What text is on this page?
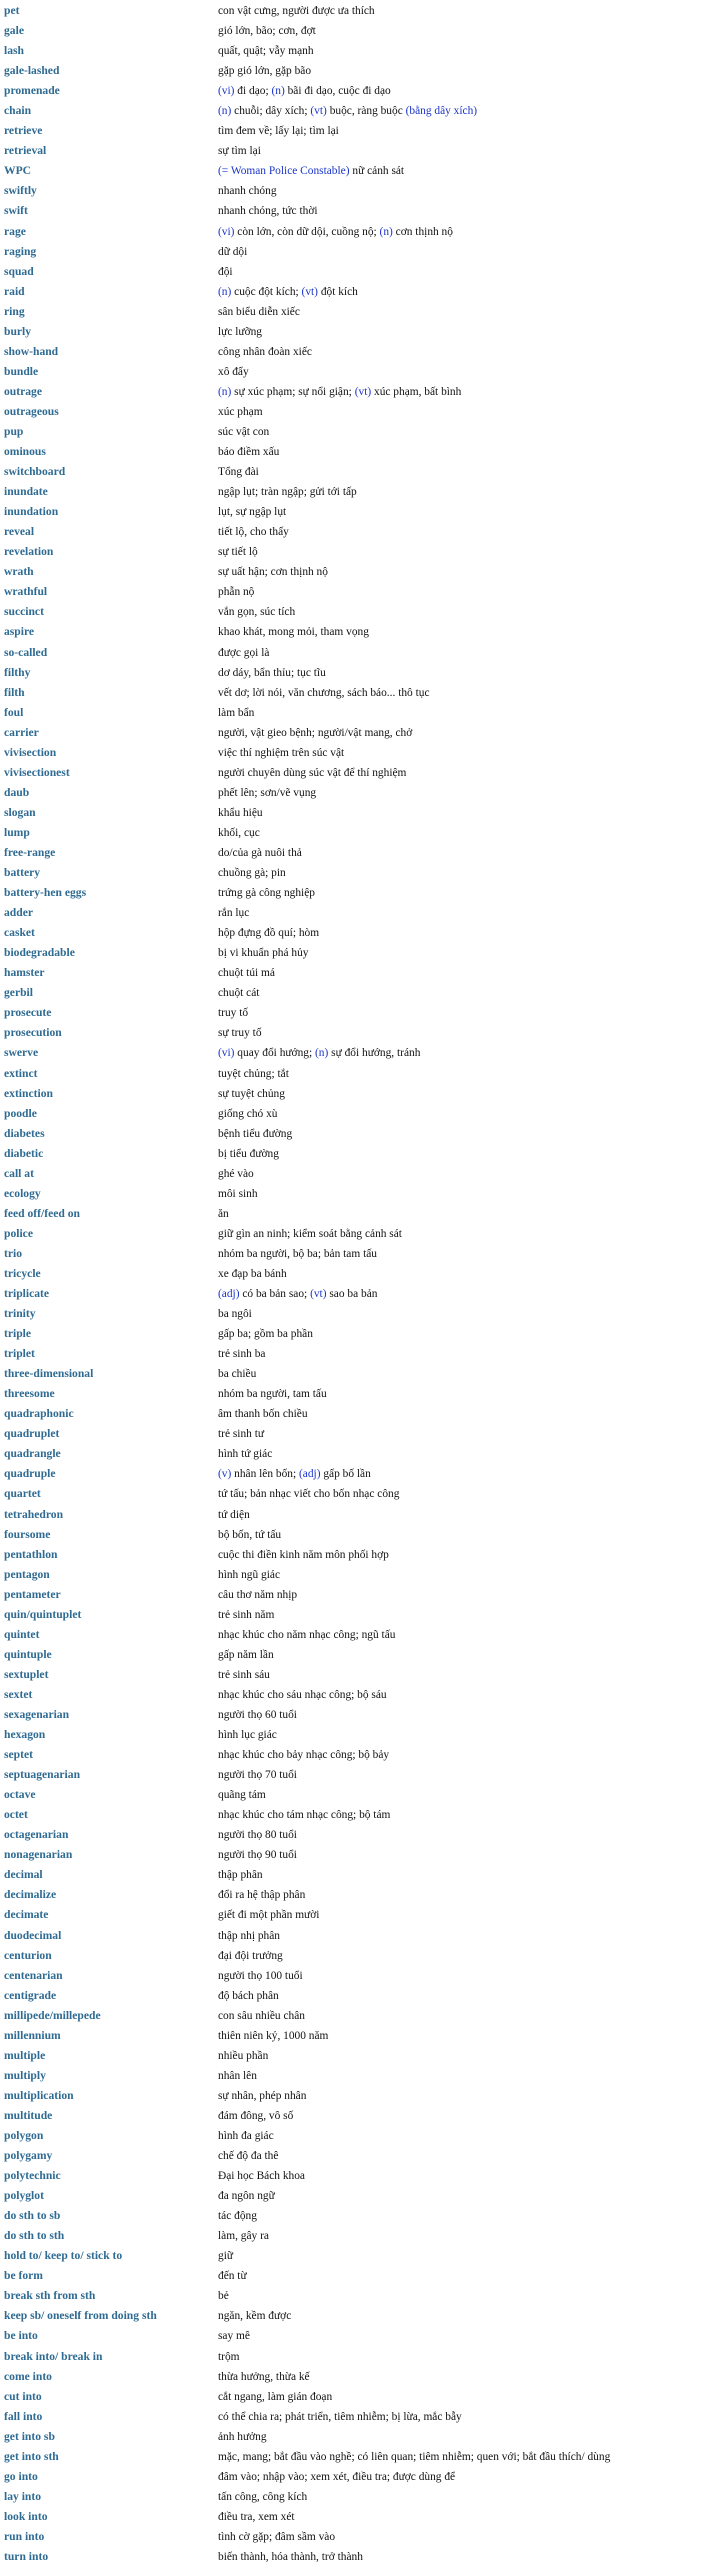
pet	con vật cưng, người được ưa thích
gale	gió lớn, bão; cơn, đợt
lash	quất, quật; vẫy mạnh
gale-lashed	gặp gió lớn, gặp bão
promenade	(vi) đi dạo; (n) bãi đi dạo, cuộc đi dạo
chain	(n) chuỗi; dây xích; (vt) buộc, ràng buộc (bằng dây xích)
retrieve	tìm đem về; lấy lại; tìm lại
retrieval	sự tìm lại
WPC	(= Woman Police Constable) nữ cảnh sát
swiftly	nhanh chóng
swift	nhanh chóng, tức thời
rage	(vi) còn lớn, còn dữ dội, cuồng nộ; (n) cơn thịnh nộ
raging	dữ dội
squad	đội
raid	(n) cuộc đột kích; (vt) đột kích
ring	sân biểu diễn xiếc
burly	lực lưỡng
show-hand	công nhân đoàn xiếc
bundle	xô đẩy
outrage	(n) sự xúc phạm; sự nổi giận; (vt) xúc phạm, bất bình
outrageous	xúc phạm
pup	súc vật con
ominous	báo điềm xấu
switchboard	Tổng đài
inundate	ngập lụt; tràn ngập; gửi tới tấp
inundation	lụt, sự ngập lụt
reveal	tiết lộ, cho thấy
revelation	sự tiết lộ
wrath	sự uất hận; cơn thịnh nộ
wrathful	phẫn nộ
succinct	vắn gọn, súc tích
aspire	khao khát, mong mỏi, tham vọng
so-called	được gọi là
filthy	dơ dáy, bẩn thỉu; tục tĩu
filth	vết dơ; lời nói, văn chương, sách báo... thô tục
foul	làm bẩn
carrier	người, vật gieo bệnh; người/vật mang, chở
vivisection	việc thí nghiệm trên súc vật
vivisectionest	người chuyên dùng súc vật để thí nghiệm
daub	phết lên; sơn/vẽ vụng
slogan	khẩu hiệu
lump	khối, cục
free-range	do/của gà nuôi thả
battery	chuồng gà; pin
battery-hen eggs	trứng gà công nghiệp
adder	rắn lục
casket	hộp đựng đồ quí; hòm
biodegradable	bị vi khuẩn phá hủy
hamster	chuột túi má
gerbil	chuột cát
prosecute	truy tố
prosecution	sự truy tố
swerve	(vi) quay đổi hướng; (n) sự đổi hướng, tránh
extinct	tuyệt chủng; tắt
extinction	sự tuyệt chủng
poodle	giống chó xù
diabetes	bệnh tiểu đường
diabetic	bị tiểu đường
call at	ghé vào
ecology	môi sinh
feed off/feed on	ăn
police	giữ gìn an ninh; kiểm soát bằng cảnh sát
trio	nhóm ba người, bộ ba; bản tam tấu
tricycle	xe đạp ba bánh
triplicate	(adj) có ba bản sao; (vt) sao ba bản
trinity	ba ngôi
triple	gấp ba; gồm ba phần
triplet	trẻ sinh ba
three-dimensional	ba chiều
threesome	nhóm ba người, tam tấu
quadraphonic	âm thanh bốn chiều
quadruplet	trẻ sinh tư
quadrangle	hình tứ giác
quadruple	(v) nhân lên bốn; (adj) gấp bố lần
quartet	tứ tấu; bản nhạc viết cho bốn nhạc công
tetrahedron	tứ diện
foursome	bộ bốn, tứ tấu
pentathlon	cuộc thi điền kinh năm môn phối hợp
pentagon	hình ngũ giác
pentameter	câu thơ năm nhịp
quin/quintuplet	trẻ sinh năm
quintet	nhạc khúc cho năm nhạc công; ngũ tấu
quintuple	gấp năm lần
sextuplet	trẻ sinh sáu
sextet	nhạc khúc cho sáu nhạc công; bộ sáu
sexagenarian	người thọ 60 tuổi
hexagon	hình lục giác
septet	nhạc khúc cho bảy nhạc công; bộ bảy
septuagenarian	người thọ 70 tuổi
octave	quãng tám
octet	nhạc khúc cho tám nhạc công; bộ tám
octagenarian	người thọ 80 tuổi
nonagenarian	người thọ 90 tuổi
decimal	thập phân
decimalize	đổi ra hệ thập phân
decimate	giết đi một phần mười
duodecimal	thập nhị phân
centurion	đại đội trưởng
centenarian	người thọ 100 tuổi
centigrade	độ bách phân
millipede/millepede	con sâu nhiều chân
millennium	thiên niên kỷ, 1000 năm
multiple	nhiều phần
multiply	nhân lên
multiplication	sự nhân, phép nhân
multitude	đám đông, vô số
polygon	hình đa giác
polygamy	chế độ đa thê
polytechnic	Đại học Bách khoa
polyglot	đa ngôn ngữ
do sth to sb	tác động
do sth to sth	làm, gây ra
hold to/ keep to/ stick to	giữ
be form	đến từ
break sth from sth	bẻ
keep sb/ oneself from doing sth	ngăn, kềm được
be into	say mê
break into/ break in	trộm
come into	thừa hưởng, thừa kế
cut into	cắt ngang, làm gián đoạn
fall into	có thể chia ra; phát triển, tiêm nhiễm; bị lừa, mắc bẫy
get into sb	ảnh hưởng
get into sth	mặc, mang; bắt đầu vào nghề; có liên quan; tiêm nhiễm; quen với; bắt đầu thích/ dùng
go into	đâm vào; nhập vào; xem xét, điều tra; được dùng để
lay into	tấn công, công kích
look into	điều tra, xem xét
run into	tình cờ gặp; đâm sầm vào
turn into	biến thành, hóa thành, trở thành
